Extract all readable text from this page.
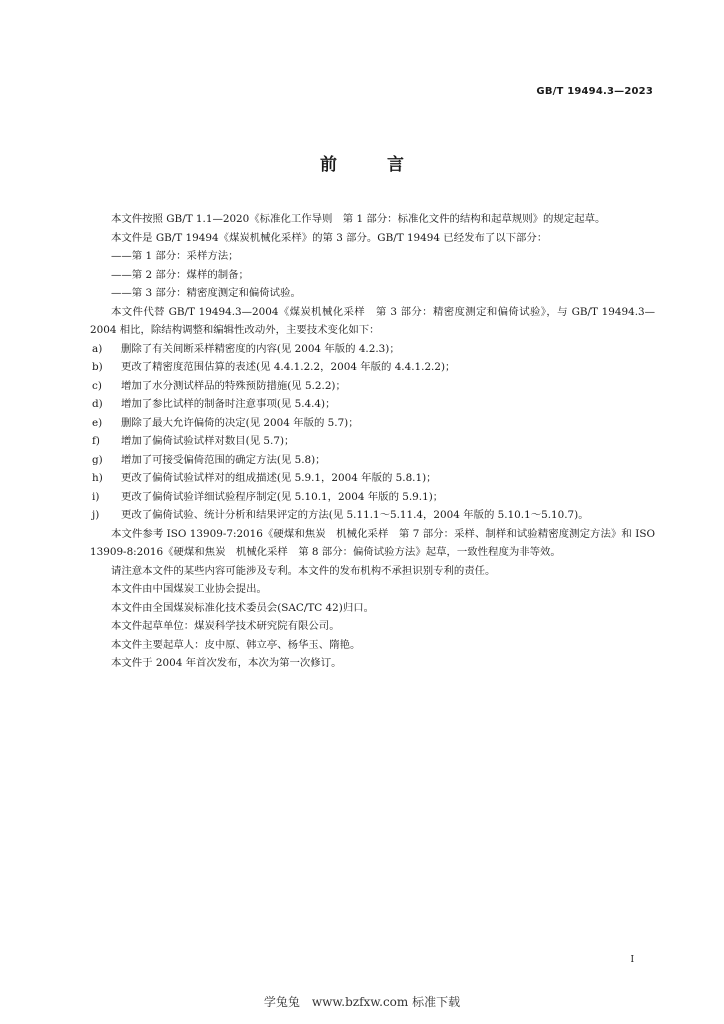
GB/T 19494.3—2023
前 言

本文件按照 GB/T 1.1—2020《标准化工作导则　第 1 部分：标准化文件的结构和起草规则》的规定起草。

本文件是 GB/T 19494《煤炭机械化采样》的第 3 部分。GB/T 19494 已经发布了以下部分：

——第 1 部分：采样方法；

——第 2 部分：煤样的制备；

——第 3 部分：精密度测定和偏倚试验。

本文件代替 GB/T 19494.3—2004《煤炭机械化采样　第 3 部分：精密度测定和偏倚试验》，与 GB/T 19494.3—2004 相比，除结构调整和编辑性改动外，主要技术变化如下：

a)	删除了有关间断采样精密度的内容(见 2004 年版的 4.2.3)；
b)	更改了精密度范围估算的表述(见 4.4.1.2.2，2004 年版的 4.4.1.2.2)；
c)	增加了水分测试样品的特殊预防措施(见 5.2.2)；
d)	增加了参比试样的制备时注意事项(见 5.4.4)；
e)	删除了最大允许偏倚的决定(见 2004 年版的 5.7)；
f)	增加了偏倚试验试样对数目(见 5.7)；
g)	增加了可接受偏倚范围的确定方法(见 5.8)；
h)	更改了偏倚试验试样对的组成描述(见 5.9.1，2004 年版的 5.8.1)；
i)	更改了偏倚试验详细试验程序制定(见 5.10.1，2004 年版的 5.9.1)；
j)	更改了偏倚试验、统计分析和结果评定的方法(见 5.11.1～5.11.4，2004 年版的 5.10.1～5.10.7)。

本文件参考 ISO 13909-7:2016《硬煤和焦炭　机械化采样　第 7 部分：采样、制样和试验精密度测定方法》和 ISO 13909-8:2016《硬煤和焦炭　机械化采样　第 8 部分：偏倚试验方法》起草，一致性程度为非等效。

请注意本文件的某些内容可能涉及专利。本文件的发布机构不承担识别专利的责任。

本文件由中国煤炭工业协会提出。

本文件由全国煤炭标准化技术委员会(SAC/TC 42)归口。

本文件起草单位：煤炭科学技术研究院有限公司。

本文件主要起草人：皮中原、韩立亭、杨华玉、隋艳。

本文件于 2004 年首次发布，本次为第一次修订。

I
学兔兔　www.bzfxw.com 标准下载
